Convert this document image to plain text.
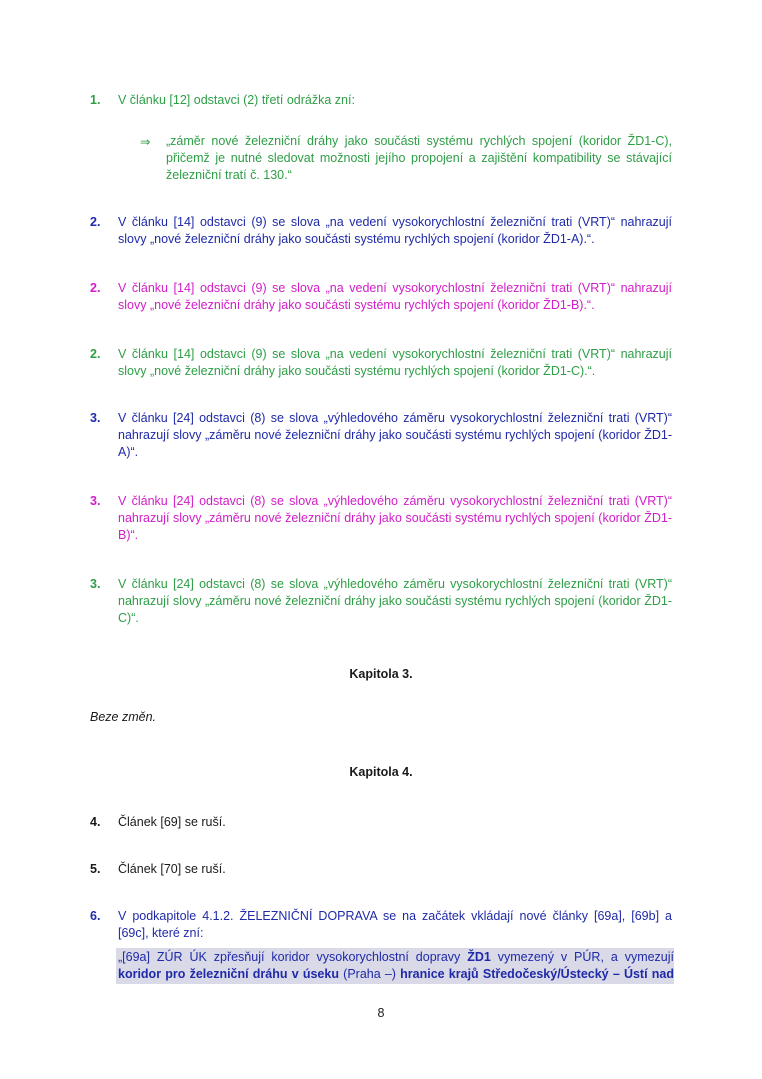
1. V článku [12] odstavci (2) třetí odrážka zní:
⇒ „záměr nové železniční dráhy jako součásti systému rychlých spojení (koridor ŽD1-C), přičemž je nutné sledovat možnosti jejího propojení a zajištění kompatibility se stávající železniční tratí č. 130.“
2. V článku [14] odstavci (9) se slova „na vedení vysokorychlostní železniční trati (VRT)“ nahrazují slovy „nové železniční dráhy jako součásti systému rychlých spojení (koridor ŽD1-A).“.
2. V článku [14] odstavci (9) se slova „na vedení vysokorychlostní železniční trati (VRT)“ nahrazují slovy „nové železniční dráhy jako součásti systému rychlých spojení (koridor ŽD1-B).“.
2. V článku [14] odstavci (9) se slova „na vedení vysokorychlostní železniční trati (VRT)“ nahrazují slovy „nové železniční dráhy jako součásti systému rychlých spojení (koridor ŽD1-C).“.
3. V článku [24] odstavci (8) se slova „výhledového záměru vysokorychlostní železniční trati (VRT)“ nahrazují slovy „záměru nové železniční dráhy jako součásti systému rychlých spojení (koridor ŽD1-A)“.
3. V článku [24] odstavci (8) se slova „výhledového záměru vysokorychlostní železniční trati (VRT)“ nahrazují slovy „záměru nové železniční dráhy jako součásti systému rychlých spojení (koridor ŽD1-B)“.
3. V článku [24] odstavci (8) se slova „výhledového záměru vysokorychlostní železniční trati (VRT)“ nahrazují slovy „záměru nové železniční dráhy jako součásti systému rychlých spojení (koridor ŽD1-C)“.
Kapitola 3.
Beze změn.
Kapitola 4.
4. Článek [69] se ruší.
5. Článek [70] se ruší.
6. V podkapitole 4.1.2. ŽELEZNIČNÍ DOPRAVA se na začátek vkládají nové články [69a], [69b] a [69c], které zní:
„[69a] ZÚR ÚK zpřesňují koridor vysokorychlostní dopravy ŽD1 vymezený v PÚR, a vymezují koridor pro železniční dráhu v úseku (Praha –) hranice krajů Středočeský/Ústecký – Ústí nad
8
